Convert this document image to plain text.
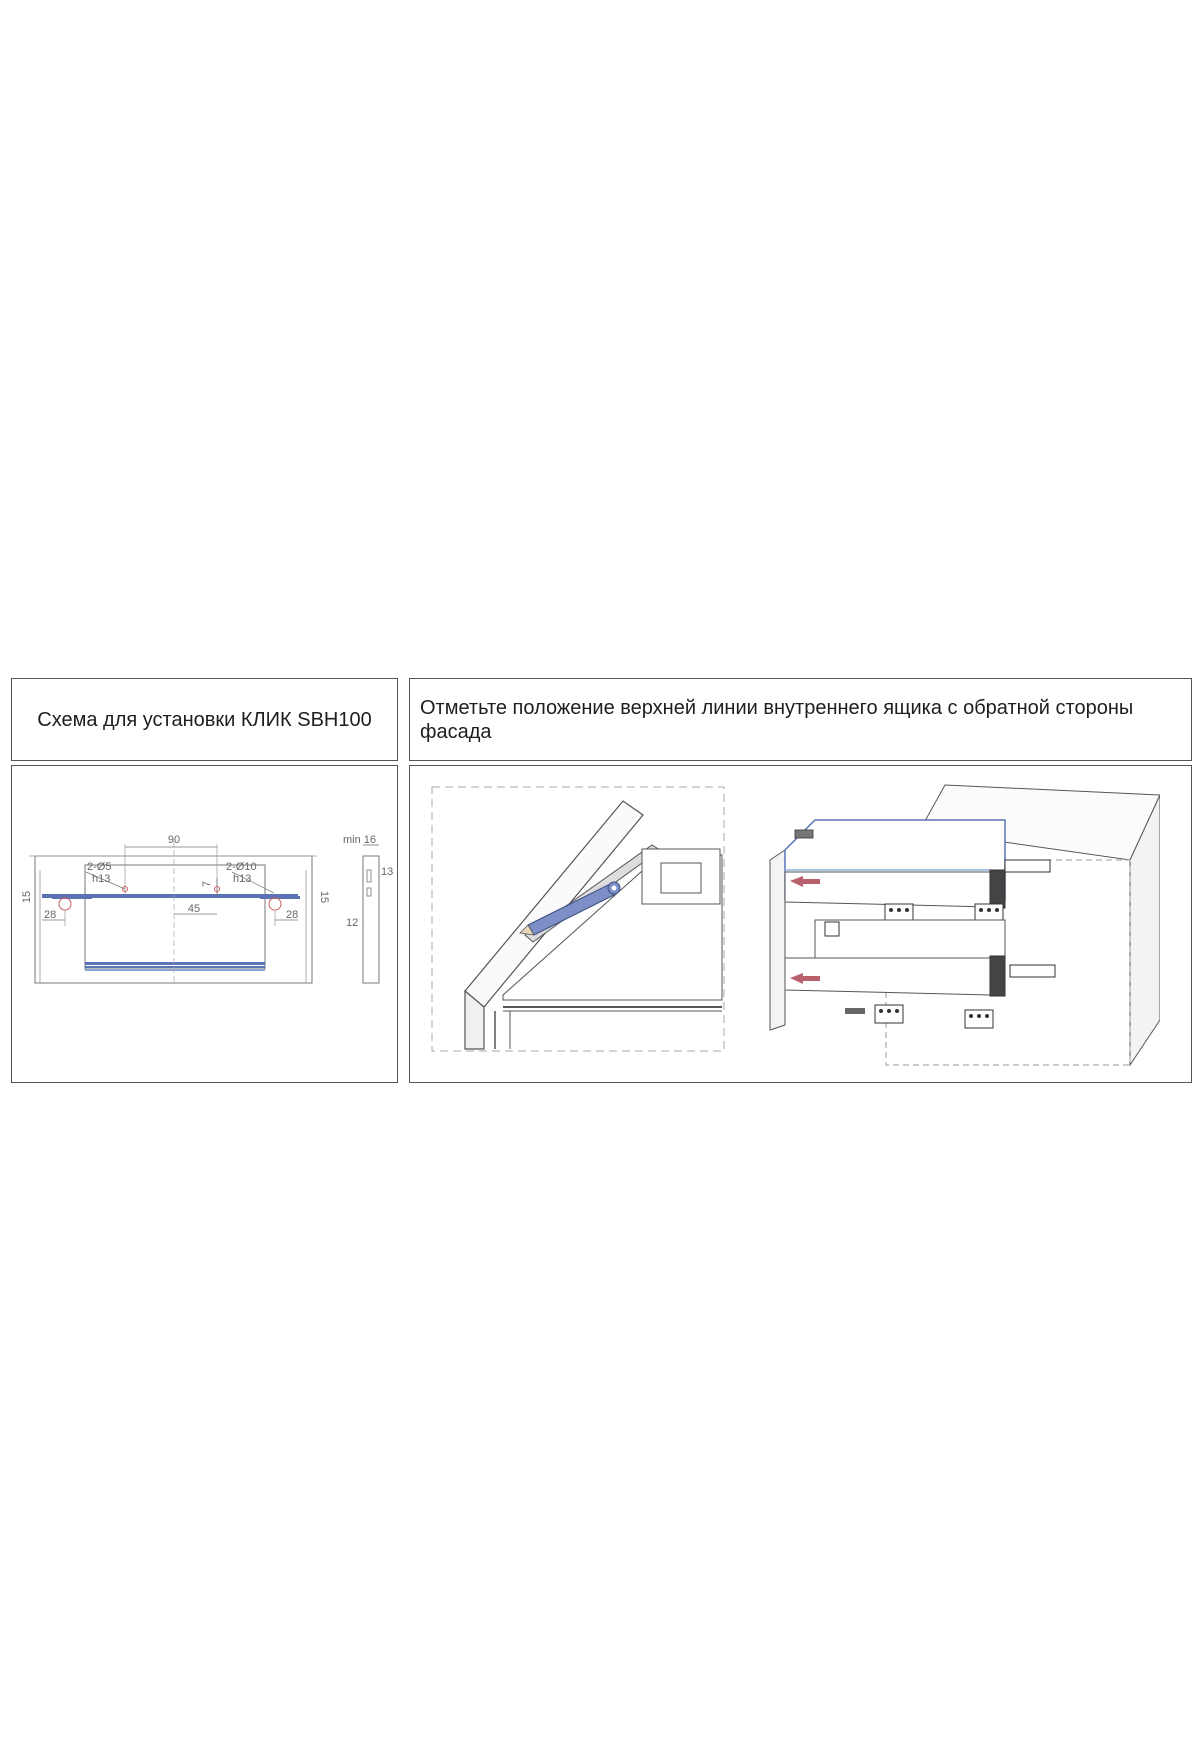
Схема для установки КЛИК SBH100
Отметьте положение верхней линии внутреннего ящика с обратной стороны фасада
90
45
7
2-Ø5
h13
2-Ø10
h13
15	15
28	28
min 16
13
12
